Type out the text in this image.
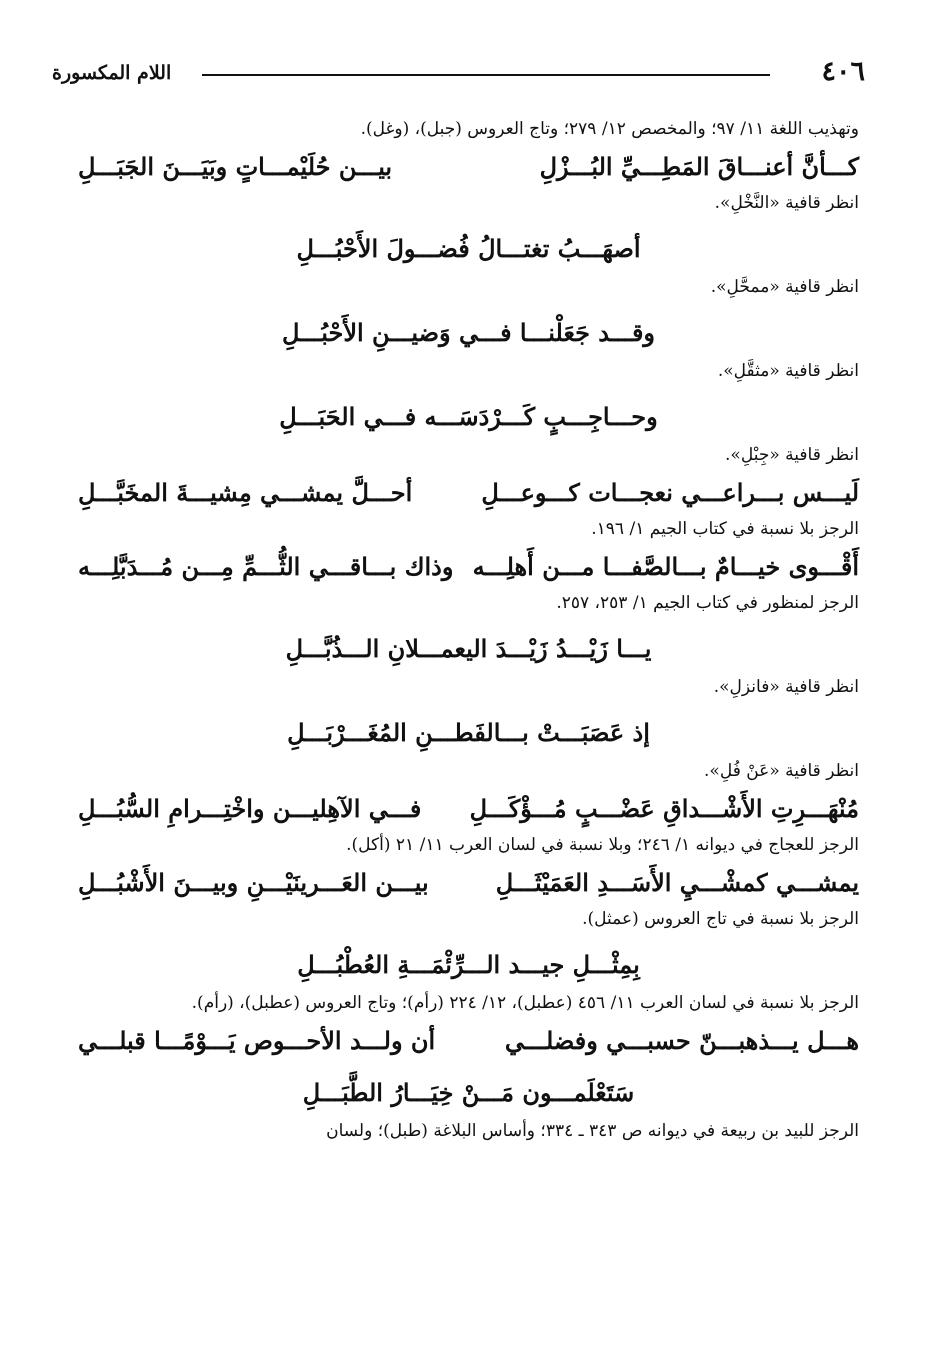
٤٠٦
اللام المكسورة
وتهذيب اللغة ١١/ ٩٧؛ والمخصص ١٢/ ٢٧٩؛ وتاج العروس (جبل)، (وغل).
كـــأنَّ أعنـــاقَ المَطِـــيِّ البُـــزْلِ
بيـــن حُلَيْمـــاتٍ وبَيَـــنَ الجَبَـــلِ
انظر قافية «النَّخْلِ».
أصهَـــبُ تغتـــالُ فُضـــولَ الأَحْبُـــلِ
انظر قافية «ممحَّلِ».
وقـــد جَعَلْنـــا فـــي وَضيـــنِ الأَحْبُـــلِ
انظر قافية «مثقَّلِ».
وحـــاجِـــبٍ كَـــرْدَسَـــه فـــي الحَبَـــلِ
انظر قافية «جِبْلِ».
لَيـــس بـــراعـــي نعجـــات كـــوعـــلِ
أحـــلَّ يمشـــي مِشيـــةَ المخَبَّـــلِ
الرجز بلا نسبة في كتاب الجيم ١/ ١٩٦.
أَقْـــوى خيـــامٌ بـــالصَّفـــا مـــن أَهلِـــه
وذاك بـــاقـــي الثُّـــمِّ مِـــن مُـــدَبَّلِـــه
الرجز لمنظور في كتاب الجيم ١/ ٢٥٣، ٢٥٧.
يـــا زَيْـــدُ زَيْـــدَ اليعمـــلانِ الـــذُبَّـــلِ
انظر قافية «فانزلِ».
إذ عَصَبَـــتْ بـــالفَطـــنِ المُغَـــرْبَـــلِ
انظر قافية «عَنْ فُلِ».
مُنْهَـــرِتِ الأَشْـــداقِ عَضْـــبٍ مُـــؤْكَـــلِ
فـــي الآهِليـــن واخْتِـــرامِ السُّبُـــلِ
الرجز للعجاج في ديوانه ١/ ٢٤٦؛ وبلا نسبة في لسان العرب ١١/ ٢١ (أكل).
يمشـــي كمشْـــيِ الأَسَـــدِ العَمَيْثَـــلِ
بيـــن العَـــرينَيْـــنِ وبيـــنَ الأَشْبُـــلِ
الرجز بلا نسبة في تاج العروس (عمثل).
بِمِثْـــلِ جيـــد الـــرِّئْمَـــةِ العُطْبُـــلِ
الرجز بلا نسبة في لسان العرب ١١/ ٤٥٦ (عطبل)، ١٢/ ٢٢٤ (رأم)؛ وتاج العروس (عطبل)، (رأم).
هـــل يـــذهبـــنّ حسبـــي وفضلـــي
أن ولـــد الأحـــوص يَـــوْمًـــا قبلـــي
سَتَعْلَمـــون مَـــنْ خِيَـــارُ الطَّبَـــلِ
الرجز للبيد بن ربيعة في ديوانه ص ٣٤٣ ـ ٣٣٤؛ وأساس البلاغة (طبل)؛ ولسان
